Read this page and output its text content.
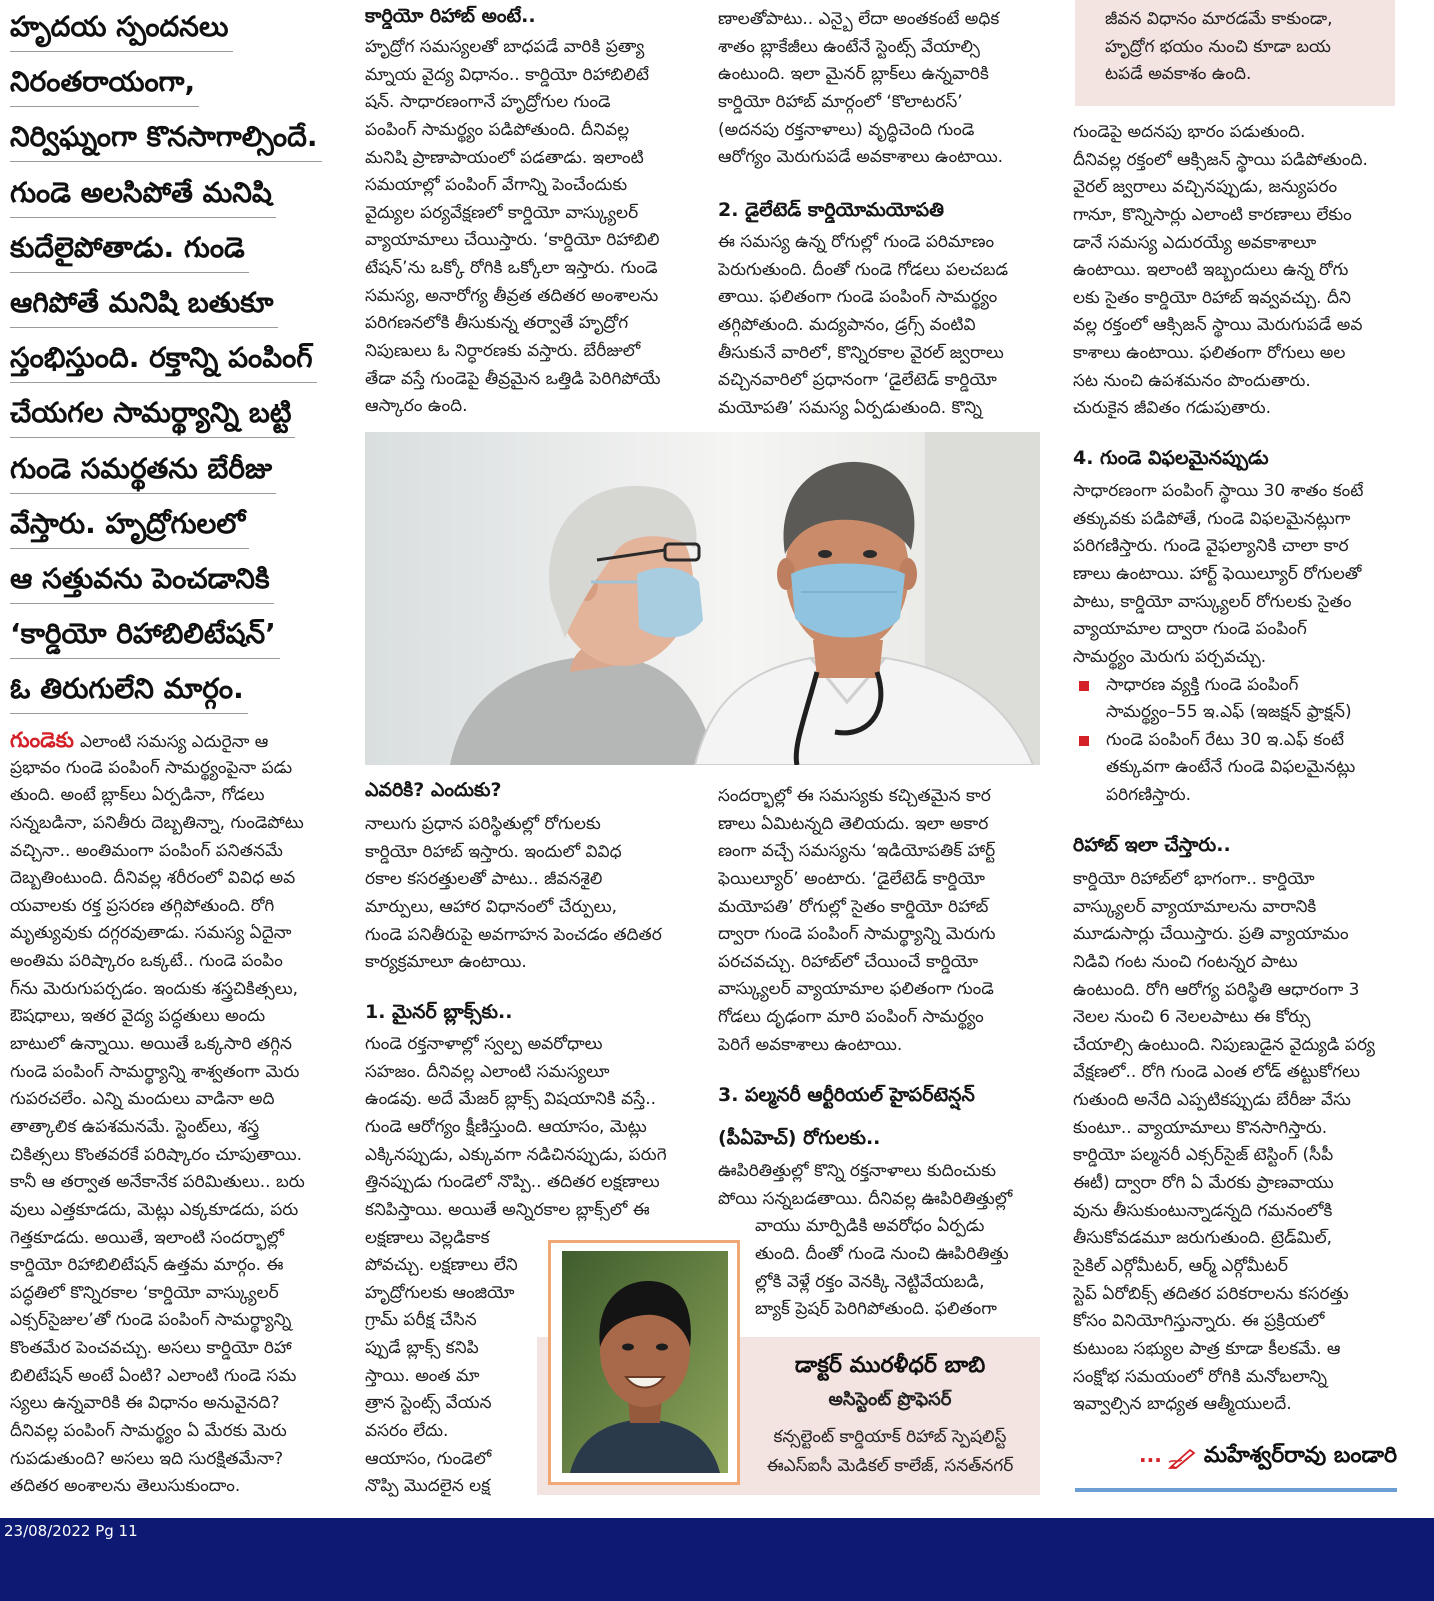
హృదయ స్పందనలు
నిరంతరాయంగా,
నిర్విఘ్నంగా కొనసాగాల్సిందే.
గుండె అలసిపోతే మనిషి
కుదేలైపోతాడు. గుండె
ఆగిపోతే మనిషి బతుకూ
స్తంభిస్తుంది. రక్తాన్ని పంపింగ్
చేయగల సామర్థ్యాన్ని బట్టి
గుండె సమర్థతను బేరీజు
వేస్తారు. హృద్రోగులలో
ఆ సత్తువను పెంచడానికి
‘కార్డియో రిహాబిలిటేషన్’
ఓ తిరుగులేని మార్గం.
గుండెకు ఎలాంటి సమస్య ఎదురైనా ఆ
ప్రభావం గుండె పంపింగ్ సామర్థ్యంపైనా పడు
తుంది. అంటే బ్లాక్‌లు ఏర్పడినా, గోడలు
సన్నబడినా, పనితీరు దెబ్బతిన్నా, గుండెపోటు
వచ్చినా.. అంతిమంగా పంపింగ్ పనితనమే
దెబ్బతింటుంది. దీనివల్ల శరీరంలో వివిధ అవ
యవాలకు రక్త ప్రసరణ తగ్గిపోతుంది. రోగి
మృత్యువుకు దగ్గరవుతాడు. సమస్య ఏదైనా
అంతిమ పరిష్కారం ఒక్కటే.. గుండె పంపిం
గ్‌ను మెరుగుపర్చడం. ఇందుకు శస్త్రచికిత్సలు,
ఔషధాలు, ఇతర వైద్య పద్ధతులు అందు
బాటులో ఉన్నాయి. అయితే ఒక్కసారి తగ్గిన
గుండె పంపింగ్ సామర్థ్యాన్ని శాశ్వతంగా మెరు
గుపరచలేం. ఎన్ని మందులు వాడినా అది
తాత్కాలిక ఉపశమనమే. స్టెంట్‌లు, శస్త్ర
చికిత్సలు కొంతవరకే పరిష్కారం చూపుతాయి.
కానీ ఆ తర్వాత అనేకానేక పరిమితులు.. బరు
వులు ఎత్తకూడదు, మెట్లు ఎక్కకూడదు, పరు
గెత్తకూడదు. అయితే, ఇలాంటి సందర్భాల్లో
కార్డియో రిహాబిలిటేషన్ ఉత్తమ మార్గం. ఈ
పద్ధతిలో కొన్నిరకాల ‘కార్డియో వాస్క్యులర్
ఎక్సర్‌సైజుల’తో గుండె పంపింగ్ సామర్థ్యాన్ని
కొంతమేర పెంచవచ్చు. అసలు కార్డియో రిహా
బిలిటేషన్ అంటే ఏంటి? ఎలాంటి గుండె సమ
స్యలు ఉన్నవారికి ఈ విధానం అనువైనది?
దీనివల్ల పంపింగ్ సామర్థ్యం ఏ మేరకు మెరు
గుపడుతుంది? అసలు ఇది సురక్షితమేనా?
తదితర అంశాలను తెలుసుకుందాం.
కార్డియో రిహాబ్ అంటే..
హృద్రోగ సమస్యలతో బాధపడే వారికి ప్రత్యా
మ్నాయ వైద్య విధానం.. కార్డియో రిహాబిలిటే
షన్. సాధారణంగానే హృద్రోగుల గుండె
పంపింగ్ సామర్థ్యం పడిపోతుంది. దీనివల్ల
మనిషి ప్రాణాపాయంలో పడతాడు. ఇలాంటి
సమయాల్లో పంపింగ్ వేగాన్ని పెంచేందుకు
వైద్యుల పర్యవేక్షణలో కార్డియో వాస్క్యులర్
వ్యాయామాలు చేయిస్తారు. ‘కార్డియో రిహాబిలి
టేషన్’ను ఒక్కో రోగికి ఒక్కోలా ఇస్తారు. గుండె
సమస్య, అనారోగ్య తీవ్రత తదితర అంశాలను
పరిగణనలోకి తీసుకున్న తర్వాతే హృద్రోగ
నిపుణులు ఓ నిర్ధారణకు వస్తారు. బేరీజులో
తేడా వస్తే గుండెపై తీవ్రమైన ఒత్తిడి పెరిగిపోయే
ఆస్కారం ఉంది.
ఎవరికి? ఎందుకు?
నాలుగు ప్రధాన పరిస్థితుల్లో రోగులకు
కార్డియో రిహాబ్ ఇస్తారు. ఇందులో వివిధ
రకాల కసరత్తులతో పాటు.. జీవనశైలి
మార్పులు, ఆహార విధానంలో చేర్పులు,
గుండె పనితీరుపై అవగాహన పెంచడం తదితర
కార్యక్రమాలూ ఉంటాయి.
1. మైనర్ బ్లాక్స్‌కు..
గుండె రక్తనాళాల్లో స్వల్ప అవరోధాలు
సహజం. దీనివల్ల ఎలాంటి సమస్యలూ
ఉండవు. అదే మేజర్ బ్లాక్స్ విషయానికి వస్తే..
గుండె ఆరోగ్యం క్షీణిస్తుంది. ఆయాసం, మెట్లు
ఎక్కినప్పుడు, ఎక్కువగా నడిచినప్పుడు, పరుగె
త్తినప్పుడు గుండెలో నొప్పి.. తదితర లక్షణాలు
కనిపిస్తాయి. అయితే అన్నిరకాల బ్లాక్స్‌లో ఈ
లక్షణాలు వెల్లడికాక
పోవచ్చు. లక్షణాలు లేని
హృద్రోగులకు ఆంజియో
గ్రామ్ పరీక్ష చేసిన
ప్పుడే బ్లాక్స్ కనిపి
స్తాయి. అంత మా
త్రాన స్టెంట్స్ వేయన
వసరం లేదు.
ఆయాసం, గుండెలో
నొప్పి మొదలైన లక్ష
ణాలతోపాటు.. ఎన్బై లేదా అంతకంటే అధిక
శాతం బ్లాకేజీలు ఉంటేనే స్టెంట్స్ వేయాల్సి
ఉంటుంది. ఇలా మైనర్ బ్లాక్‌లు ఉన్నవారికి
కార్డియో రిహాబ్ మార్గంలో ‘కొలాటరస్’
(అదనపు రక్తనాళాలు) వృద్ధిచెంది గుండె
ఆరోగ్యం మెరుగుపడే అవకాశాలు ఉంటాయి.
2. డైలేటెడ్ కార్డియోమయోపతి
ఈ సమస్య ఉన్న రోగుల్లో గుండె పరిమాణం
పెరుగుతుంది. దీంతో గుండె గోడలు పలచబడ
తాయి. ఫలితంగా గుండె పంపింగ్ సామర్థ్యం
తగ్గిపోతుంది. మద్యపానం, డ్రగ్స్ వంటివి
తీసుకునే వారిలో, కొన్నిరకాల వైరల్ జ్వరాలు
వచ్చినవారిలో ప్రధానంగా ‘డైలేటెడ్ కార్డియో
మయోపతి’ సమస్య ఏర్పడుతుంది. కొన్ని
సందర్భాల్లో ఈ సమస్యకు కచ్చితమైన కార
ణాలు ఏమిటన్నది తెలియదు. ఇలా అకార
ణంగా వచ్చే సమస్యను ‘ఇడియోపతిక్ హార్ట్
ఫెయిల్యూర్’ అంటారు. ‘డైలేటెడ్ కార్డియో
మయోపతి’ రోగుల్లో సైతం కార్డియో రిహాబ్
ద్వారా గుండె పంపింగ్ సామర్థ్యాన్ని మెరుగు
పరచవచ్చు. రిహాబ్‌లో చేయించే కార్డియో
వాస్క్యులర్ వ్యాయామాల ఫలితంగా గుండె
గోడలు దృఢంగా మారి పంపింగ్ సామర్థ్యం
పెరిగే అవకాశాలు ఉంటాయి.
3. పల్మనరీ ఆర్టీరియల్ హైపర్‌టెన్షన్
(పీఏహెచ్) రోగులకు..
ఊపిరితిత్తుల్లో కొన్ని రక్తనాళాలు కుదించుకు
పోయి సన్నబడతాయి. దీనివల్ల ఊపిరితిత్తుల్లో
వాయు మార్పిడికి అవరోధం ఏర్పడు
తుంది. దీంతో గుండె నుంచి ఊపిరితిత్తు
ల్లోకి వెళ్లే రక్తం వెనక్కి నెట్టివేయబడి,
బ్యాక్ ప్రెషర్ పెరిగిపోతుంది. ఫలితంగా
జీవన విధానం మారడమే కాకుండా,
హృద్రోగ భయం నుంచి కూడా బయ
టపడే అవకాశం ఉంది.
గుండెపై అదనపు భారం పడుతుంది.
దీనివల్ల రక్తంలో ఆక్సిజన్ స్థాయి పడిపోతుంది.
వైరల్ జ్వరాలు వచ్చినప్పుడు, జన్యుపరం
గానూ, కొన్నిసార్లు ఎలాంటి కారణాలు లేకుం
డానే సమస్య ఎదురయ్యే అవకాశాలూ
ఉంటాయి. ఇలాంటి ఇబ్బందులు ఉన్న రోగు
లకు సైతం కార్డియో రిహాబ్ ఇవ్వవచ్చు. దీని
వల్ల రక్తంలో ఆక్సిజన్ స్థాయి మెరుగుపడే అవ
కాశాలు ఉంటాయి. ఫలితంగా రోగులు అల
సట నుంచి ఉపశమనం పొందుతారు.
చురుకైన జీవితం గడుపుతారు.
4. గుండె విఫలమైనప్పుడు
సాధారణంగా పంపింగ్ స్థాయి 30 శాతం కంటే
తక్కువకు పడిపోతే, గుండె విఫలమైనట్లుగా
పరిగణిస్తారు. గుండె వైఫల్యానికి చాలా కార
ణాలు ఉంటాయి. హార్ట్ ఫెయిల్యూర్ రోగులతో
పాటు, కార్డియో వాస్క్యులర్ రోగులకు సైతం
వ్యాయామాల ద్వారా గుండె పంపింగ్
సామర్థ్యం మెరుగు పర్చవచ్చు.
సాధారణ వ్యక్తి గుండె పంపింగ్
సామర్థ్యం–55 ఇ.ఎఫ్ (ఇజక్షన్ ఫ్రాక్షన్)
గుండె పంపింగ్ రేటు 30 ఇ.ఎఫ్ కంటే
తక్కువగా ఉంటేనే గుండె విఫలమైనట్లు
పరిగణిస్తారు.
రిహాబ్ ఇలా చేస్తారు..
కార్డియో రిహాబ్‌లో భాగంగా.. కార్డియో
వాస్క్యులర్ వ్యాయామాలను వారానికి
మూడుసార్లు చేయిస్తారు. ప్రతి వ్యాయామం
నిడివి గంట నుంచి గంటన్నర పాటు
ఉంటుంది. రోగి ఆరోగ్య పరిస్థితి ఆధారంగా 3
నెలల నుంచి 6 నెలలపాటు ఈ కోర్సు
చేయాల్సి ఉంటుంది. నిపుణుడైన వైద్యుడి పర్య
వేక్షణలో.. రోగి గుండె ఎంత లోడ్ తట్టుకోగలు
గుతుంది అనేది ఎప్పటికప్పుడు బేరీజు వేసు
కుంటూ.. వ్యాయామాలు కొనసాగిస్తారు.
కార్డియో పల్మనరీ ఎక్సర్‌సైజ్ టెస్టింగ్ (సీపీ
ఈటీ) ద్వారా రోగి ఏ మేరకు ప్రాణవాయు
వును తీసుకుంటున్నాడన్నది గమనంలోకి
తీసుకోవడమూ జరుగుతుంది. ట్రెడ్‌మిల్,
సైకిల్ ఎర్గోమీటర్, ఆర్మ్ ఎర్గోమీటర్
స్టెప్ ఏరోబిక్స్ తదితర పరికరాలను కసరత్తు
కోసం వినియోగిస్తున్నారు. ఈ ప్రక్రియలో
కుటుంబ సభ్యుల పాత్ర కూడా కీలకమే. ఆ
సంక్షోభ సమయంలో రోగికి మనోబలాన్ని
ఇవ్వాల్సిన బాధ్యత ఆత్మీయులదే.
... మహేశ్వర్‌రావు బండారి
డాక్టర్ మురళీధర్ బాబి
అసిస్టెంట్ ప్రొఫెసర్
కన్సల్టెంట్ కార్డియాక్ రిహాబ్ స్పెషలిస్ట్
ఈఎస్ఐసీ మెడికల్ కాలేజ్, సనత్‌నగర్
23/08/2022 Pg 11
